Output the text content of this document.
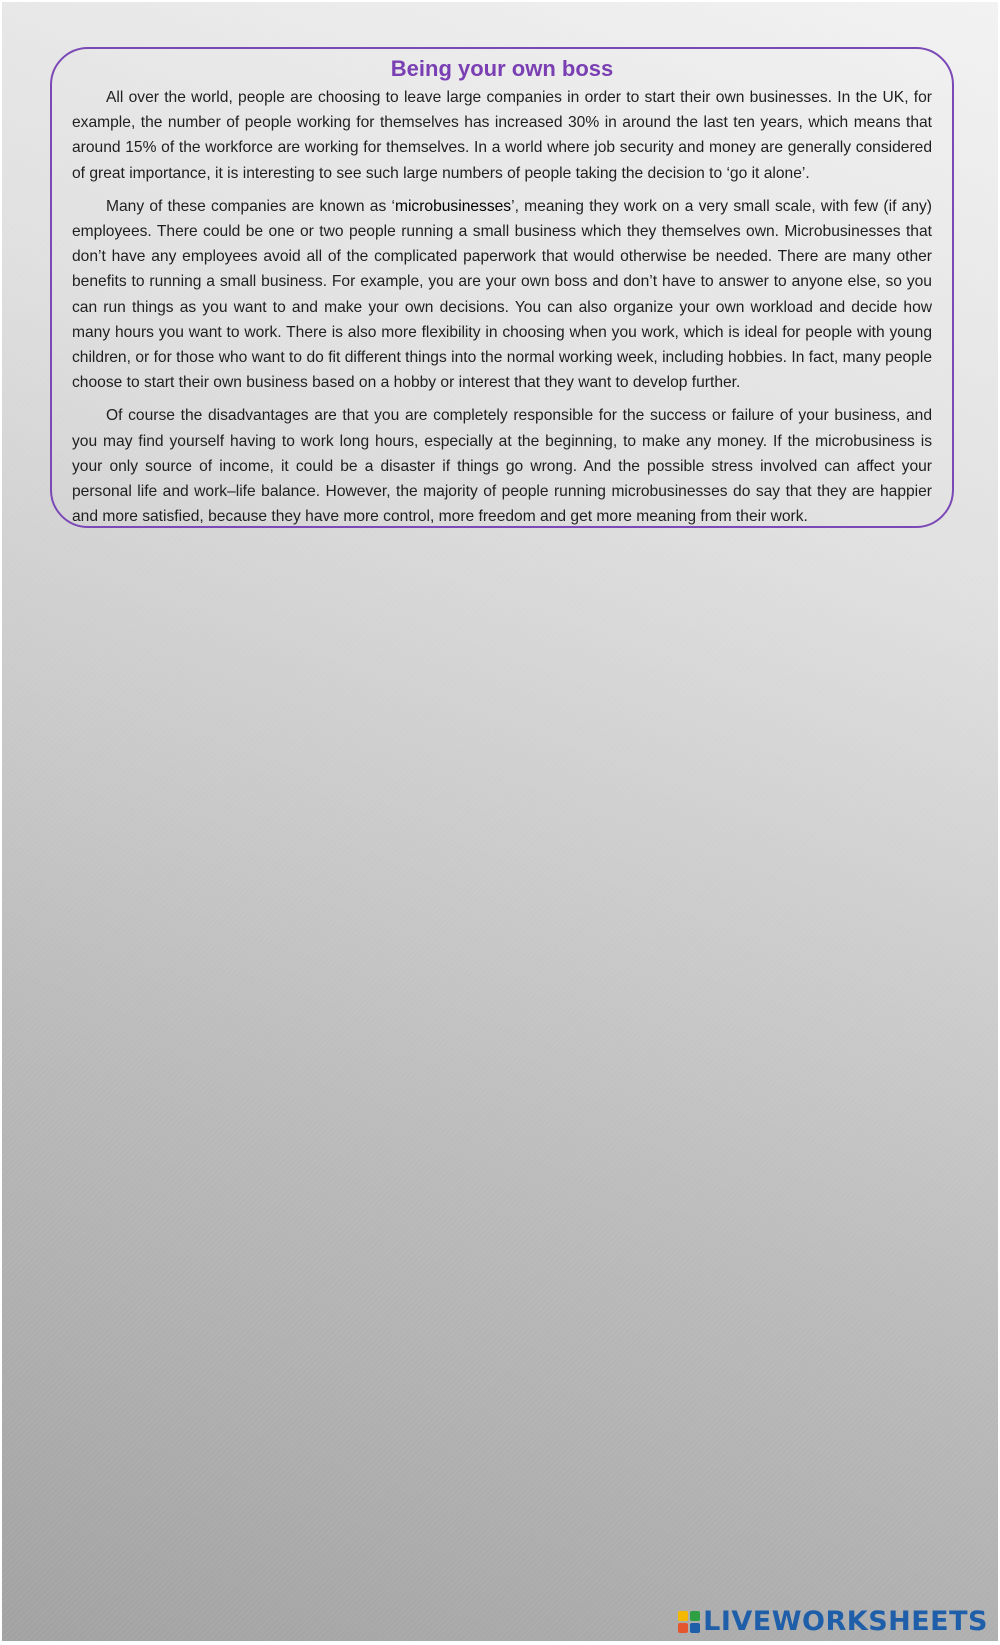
Being your own boss

All over the world, people are choosing to leave large companies in order to start their own businesses. In the UK, for example, the number of people working for themselves has increased 30% in around the last ten years, which means that around 15% of the workforce are working for themselves. In a world where job security and money are generally considered of great importance, it is interesting to see such large numbers of people taking the decision to ‘go it alone’.

Many of these companies are known as ‘microbusinesses’, meaning they work on a very small scale, with few (if any) employees. There could be one or two people running a small business which they themselves own. Microbusinesses that don’t have any employees avoid all of the complicated paperwork that would otherwise be needed. There are many other benefits to running a small business. For example, you are your own boss and don’t have to answer to anyone else, so you can run things as you want to and make your own decisions. You can also organize your own workload and decide how many hours you want to work. There is also more flexibility in choosing when you work, which is ideal for people with young children, or for those who want to do fit different things into the normal working week, including hobbies. In fact, many people choose to start their own business based on a hobby or interest that they want to develop further.

Of course the disadvantages are that you are completely responsible for the success or failure of your business, and you may find yourself having to work long hours, especially at the beginning, to make any money. If the microbusiness is your only source of income, it could be a disaster if things go wrong. And the possible stress involved can affect your personal life and work–life balance. However, the majority of people running microbusinesses do say that they are happier and more satisfied, because they have more control, more freedom and get more meaning from their work.

LIVEWORKSHEETS
